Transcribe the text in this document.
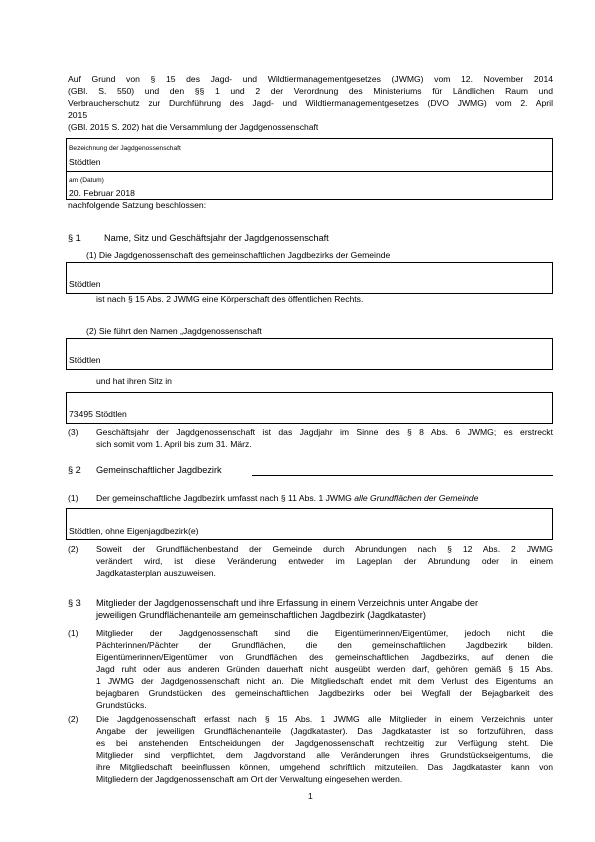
Auf Grund von § 15 des Jagd- und Wildtiermanagementgesetzes (JWMG) vom 12. November 2014
(GBl. S. 550) und den §§ 1 und 2 der Verordnung des Ministeriums für Ländlichen Raum und
Verbraucherschutz zur Durchführung des Jagd- und Wildtiermanagementgesetzes (DVO JWMG) vom 2. April
2015
(GBl. 2015 S. 202) hat die Versammlung der Jagdgenossenschaft
Bezeichnung der Jagdgenossenschaft
Stödtlen
am (Datum)
20. Februar 2018
nachfolgende Satzung beschlossen:
§ 1	Name, Sitz und Geschäftsjahr der Jagdgenossenschaft
(1) Die Jagdgenossenschaft des gemeinschaftlichen Jagdbezirks der Gemeinde
Stödtlen
ist nach § 15 Abs. 2 JWMG eine Körperschaft des öffentlichen Rechts.
(2) Sie führt den Namen „Jagdgenossenschaft
Stödtlen
und hat ihren Sitz in
73495 Stödtlen
(3) Geschäftsjahr der Jagdgenossenschaft ist das Jagdjahr im Sinne des § 8 Abs. 6 JWMG; es erstreckt
sich somit vom 1. April bis zum 31. März.
§ 2 Gemeinschaftlicher Jagdbezirk
(1) Der gemeinschaftliche Jagdbezirk umfasst nach § 11 Abs. 1 JWMG alle Grundflächen der Gemeinde
Stödtlen, ohne Eigenjagdbezirk(e)
(2) Soweit der Grundflächenbestand der Gemeinde durch Abrundungen nach § 12 Abs. 2 JWMG
verändert wird, ist diese Veränderung entweder im Lageplan der Abrundung oder in einem
Jagdkatasterplan auszuweisen.
§ 3 Mitglieder der Jagdgenossenschaft und ihre Erfassung in einem Verzeichnis unter Angabe der
jeweiligen Grundflächenanteile am gemeinschaftlichen Jagdbezirk (Jagdkataster)
(1) Mitglieder der Jagdgenossenschaft sind die Eigentümerinnen/Eigentümer, jedoch nicht die
Pächterinnen/Pächter der Grundflächen, die den gemeinschaftlichen Jagdbezirk bilden.
Eigentümerinnen/Eigentümer von Grundflächen des gemeinschaftlichen Jagdbezirks, auf denen die
Jagd ruht oder aus anderen Gründen dauerhaft nicht ausgeübt werden darf, gehören gemäß § 15 Abs.
1 JWMG der Jagdgenossenschaft nicht an. Die Mitgliedschaft endet mit dem Verlust des Eigentums an
bejagbaren Grundstücken des gemeinschaftlichen Jagdbezirks oder bei Wegfall der Bejagbarkeit des
Grundstücks.
(2) Die Jagdgenossenschaft erfasst nach § 15 Abs. 1 JWMG alle Mitglieder in einem Verzeichnis unter
Angabe der jeweiligen Grundflächenanteile (Jagdkataster). Das Jagdkataster ist so fortzuführen, dass
es bei anstehenden Entscheidungen der Jagdgenossenschaft rechtzeitig zur Verfügung steht. Die
Mitglieder sind verpflichtet, dem Jagdvorstand alle Veränderungen ihres Grundstückseigentums, die
ihre Mitgliedschaft beeinflussen können, umgehend schriftlich mitzuteilen. Das Jagdkataster kann von
Mitgliedern der Jagdgenossenschaft am Ort der Verwaltung eingesehen werden.
1
